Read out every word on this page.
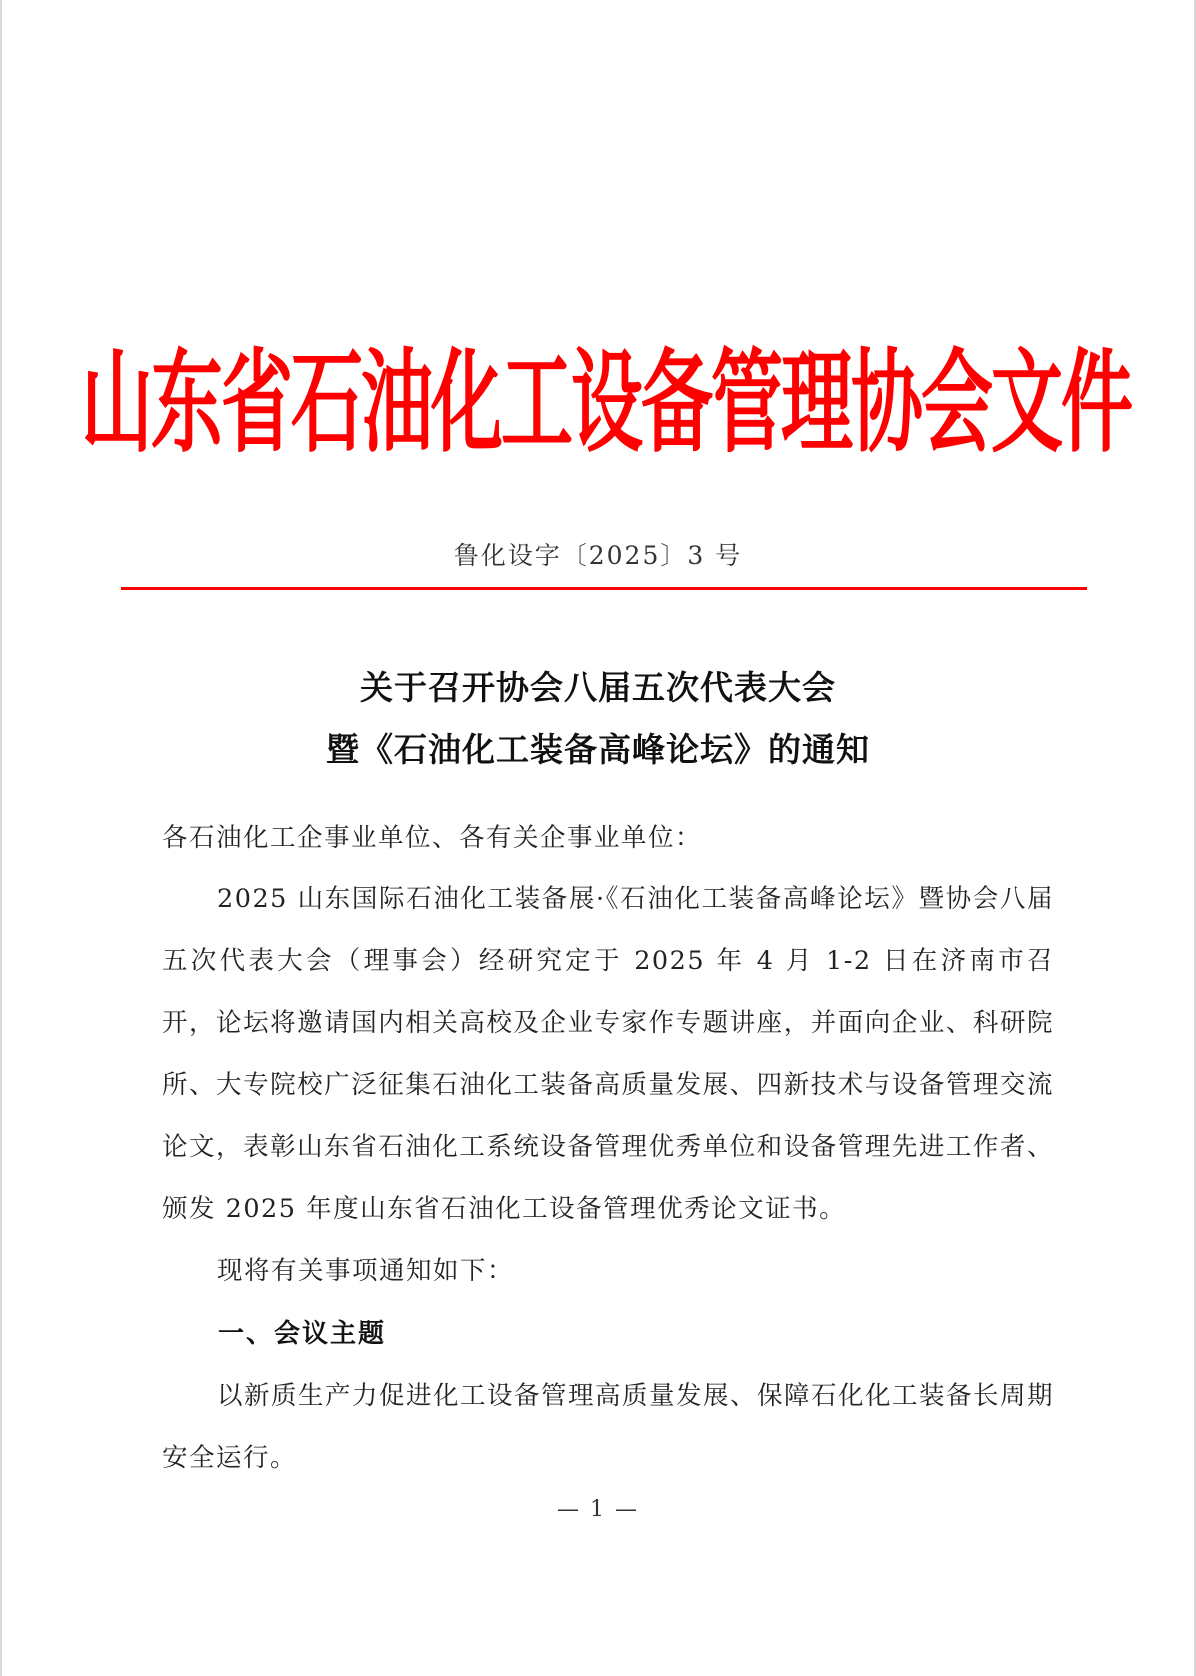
山东省石油化工设备管理协会文件
鲁化设字〔2025〕3 号
关于召开协会八届五次代表大会
暨《石油化工装备高峰论坛》的通知
各石油化工企事业单位、各有关企事业单位：
2025 山东国际石油化工装备展·《石油化工装备高峰论坛》暨协会八届五次代表大会（理事会）经研究定于 2025 年 4 月 1-2 日在济南市召开，论坛将邀请国内相关高校及企业专家作专题讲座，并面向企业、科研院所、大专院校广泛征集石油化工装备高质量发展、四新技术与设备管理交流论文，表彰山东省石油化工系统设备管理优秀单位和设备管理先进工作者、颁发 2025 年度山东省石油化工设备管理优秀论文证书。
现将有关事项通知如下：
一、会议主题
以新质生产力促进化工设备管理高质量发展、保障石化化工装备长周期安全运行。
— 1 —
